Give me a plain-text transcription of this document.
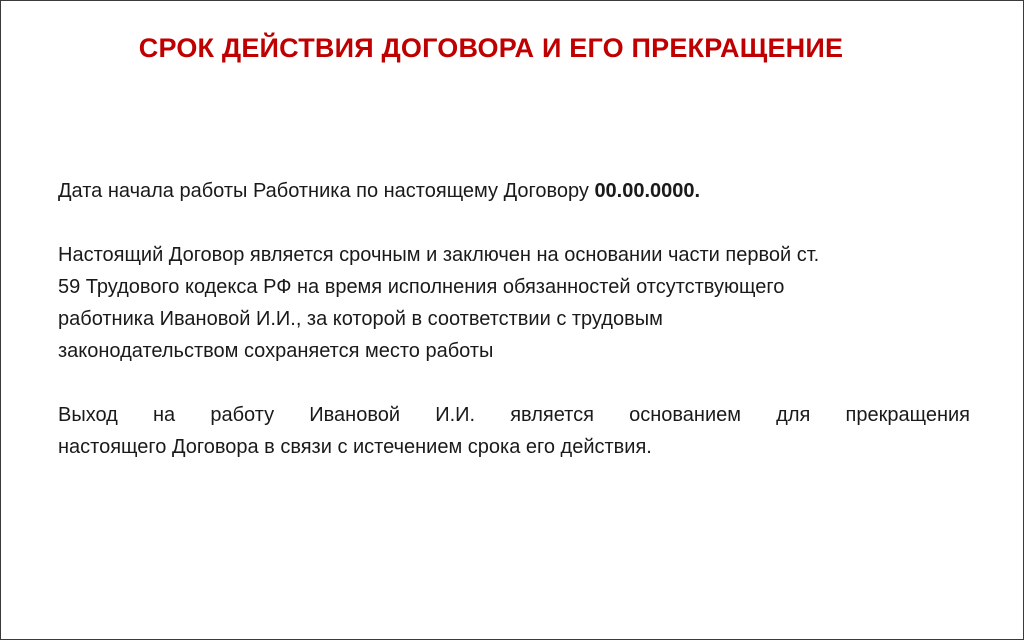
СРОК ДЕЙСТВИЯ ДОГОВОРА И ЕГО ПРЕКРАЩЕНИЕ

Дата начала работы Работника по настоящему Договору 00.00.0000.

Настоящий Договор является срочным и заключен на основании части первой ст.
59 Трудового кодекса РФ на время исполнения обязанностей отсутствующего
работника Ивановой И.И., за которой в соответствии с трудовым
законодательством сохраняется место работы

Выход на работу Ивановой И.И. является основанием для прекращения
настоящего Договора в связи с истечением срока его действия.
